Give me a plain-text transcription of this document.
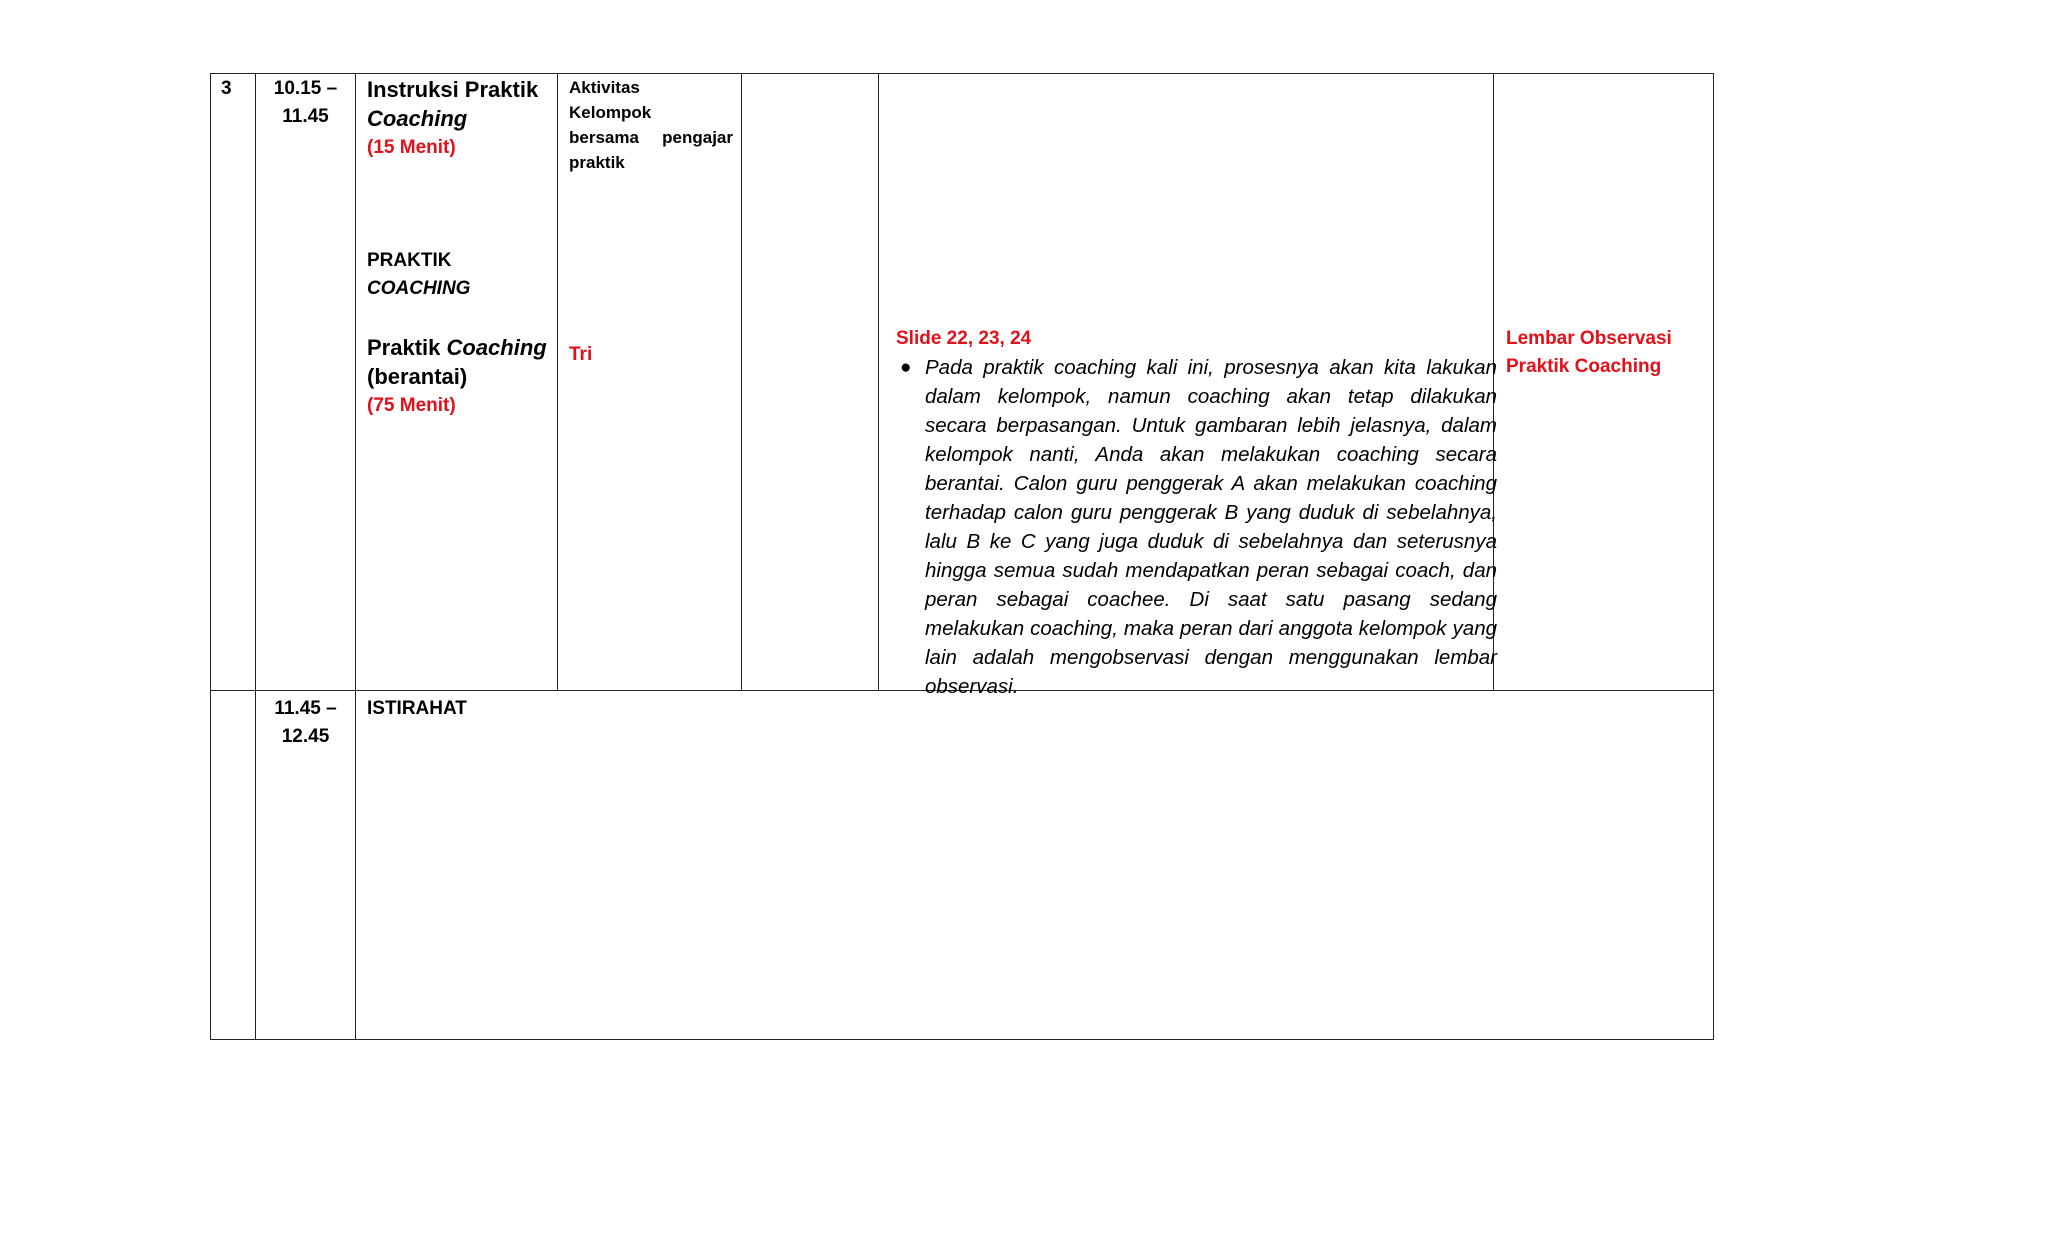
3	10.15 –
11.45
Instruksi Praktik
Coaching
(15 Menit)
PRAKTIK
COACHING
Praktik Coaching
(berantai)
(75 Menit)
Aktivitas
Kelompok
bersama pengajar
praktik
Tri
Slide 22, 23, 24
● Pada praktik coaching kali ini, prosesnya akan kita lakukan dalam kelompok, namun coaching akan tetap dilakukan secara berpasangan. Untuk gambaran lebih jelasnya, dalam kelompok nanti, Anda akan melakukan coaching secara berantai. Calon guru penggerak A akan melakukan coaching terhadap calon guru penggerak B yang duduk di sebelahnya, lalu B ke C yang juga duduk di sebelahnya dan seterusnya hingga semua sudah mendapatkan peran sebagai coach, dan peran sebagai coachee. Di saat satu pasang sedang melakukan coaching, maka peran dari anggota kelompok yang lain adalah mengobservasi dengan menggunakan lembar observasi.
Lembar Observasi
Praktik Coaching
11.45 –
12.45
ISTIRAHAT
